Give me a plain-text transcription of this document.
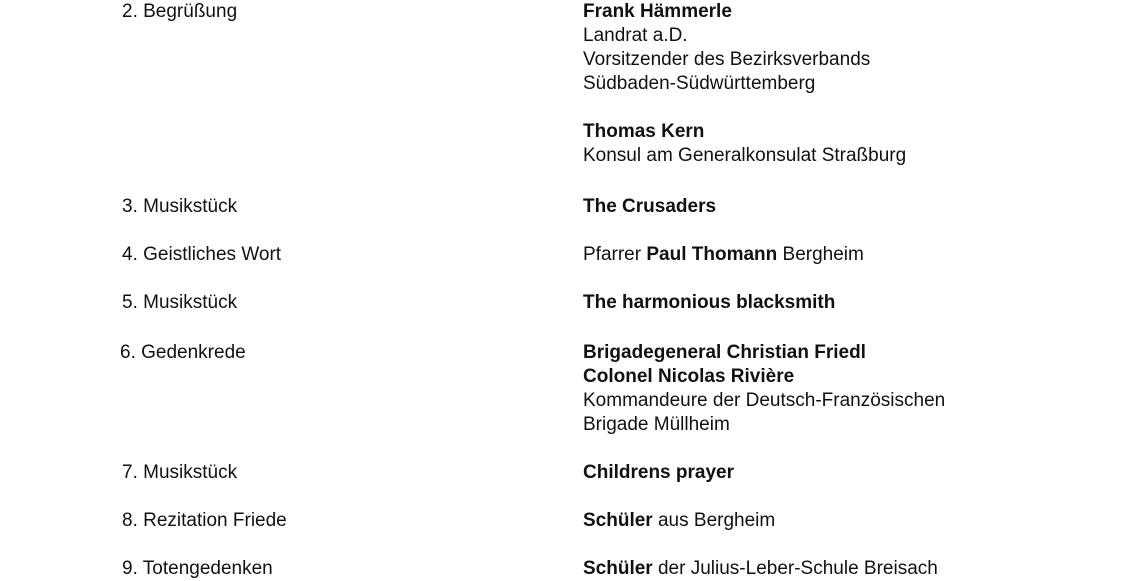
2. Begrüßung	Frank Hämmerle
Landrat a.D.
Vorsitzender des Bezirksverbands
Südbaden-Südwürttemberg
Thomas Kern
Konsul am Generalkonsulat Straßburg
3. Musikstück	The Crusaders
4. Geistliches Wort	Pfarrer Paul Thomann Bergheim
5. Musikstück	The harmonious blacksmith
6. Gedenkrede	Brigadegeneral Christian Friedl
Colonel Nicolas Rivière
Kommandeure der Deutsch-Französischen
Brigade Müllheim
7. Musikstück	Childrens prayer
8. Rezitation Friede	Schüler aus Bergheim
9. Totengedenken	Schüler der Julius-Leber-Schule Breisach
